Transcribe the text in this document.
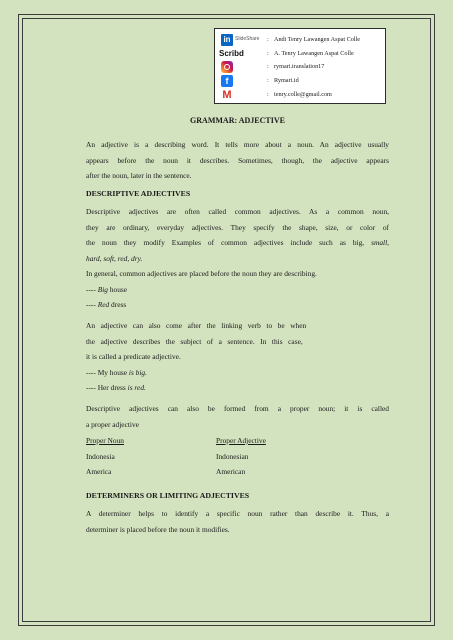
in SlideShare : Andi Tenry Lawangen Aspat Colle
Scribd	: A. Tenry Lawangen Aspat Colle
: rymari.translation17
f	: Rymari.id
M	: tenry.colle@gmail.com
GRAMMAR: ADJECTIVE
An adjective is a describing word. It tells more about a noun. An adjective usually
appears before the noun it describes. Sometimes, though, the adjective appears
after the noun, later in the sentence.
DESCRIPTIVE ADJECTIVES
Descriptive adjectives are often called common adjectives. As a common noun,
they are ordinary, everyday adjectives. They specify the shape, size, or color of
the noun they modify Examples of common adjectives include such as big, small,
hard, soft, red, dry.
In general, common adjectives are placed before the noun they are describing.
---- Big house
---- Red dress
An   adjective   can   also   come   after   the   linking   verb   to   be   when
the   adjective   describes   the   subject   of   a   sentence.   In   this   case,
it is called a predicate adjective.
---- My house is big.
---- Her dress is red.
Descriptive adjectives can also be formed from a proper noun; it is called
a proper adjective
Proper Noun	Proper Adjective
Indonesia	Indonesian
America	American
DETERMINERS OR LIMITING ADJECTIVES
A determiner helps to identify a specific noun rather than describe it. Thus, a
determiner is placed before the noun it modifies.
